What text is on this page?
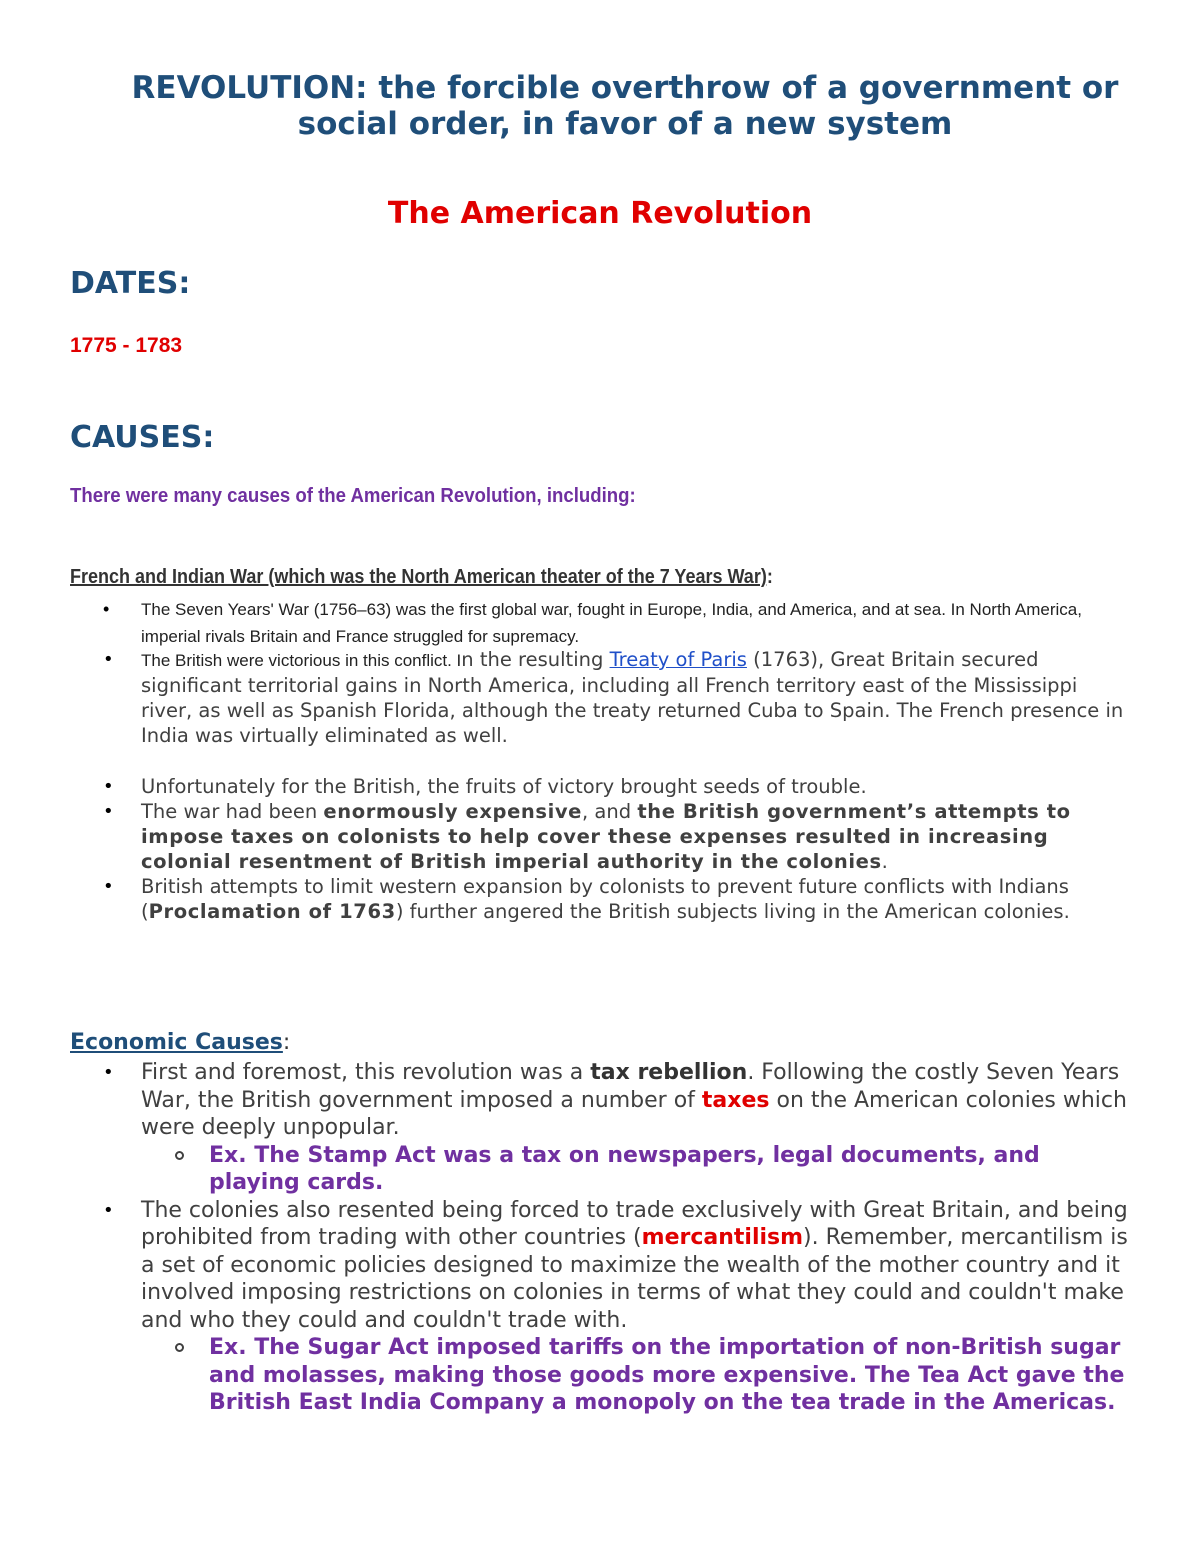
REVOLUTION: the forcible overthrow of a government or social order, in favor of a new system
The American Revolution
DATES:

1775 - 1783

CAUSES:

There were many causes of the American Revolution, including:

French and Indian War (which was the North American theater of the 7 Years War):

• The Seven Years' War (1756–63) was the first global war, fought in Europe, India, and America, and at sea. In North America, imperial rivals Britain and France struggled for supremacy.
• The British were victorious in this conflict. In the resulting Treaty of Paris (1763), Great Britain secured significant territorial gains in North America, including all French territory east of the Mississippi river, as well as Spanish Florida, although the treaty returned Cuba to Spain. The French presence in India was virtually eliminated as well.
• Unfortunately for the British, the fruits of victory brought seeds of trouble.
• The war had been enormously expensive, and the British government’s attempts to impose taxes on colonists to help cover these expenses resulted in increasing colonial resentment of British imperial authority in the colonies.
• British attempts to limit western expansion by colonists to prevent future conflicts with Indians (Proclamation of 1763) further angered the British subjects living in the American colonies.

Economic Causes:

• First and foremost, this revolution was a tax rebellion. Following the costly Seven Years War, the British government imposed a number of taxes on the American colonies which were deeply unpopular.
Ex. The Stamp Act was a tax on newspapers, legal documents, and playing cards.
• The colonies also resented being forced to trade exclusively with Great Britain, and being prohibited from trading with other countries (mercantilism). Remember, mercantilism is a set of economic policies designed to maximize the wealth of the mother country and it involved imposing restrictions on colonies in terms of what they could and couldn't make and who they could and couldn't trade with.
Ex. The Sugar Act imposed tariffs on the importation of non-British sugar and molasses, making those goods more expensive. The Tea Act gave the British East India Company a monopoly on the tea trade in the Americas.
